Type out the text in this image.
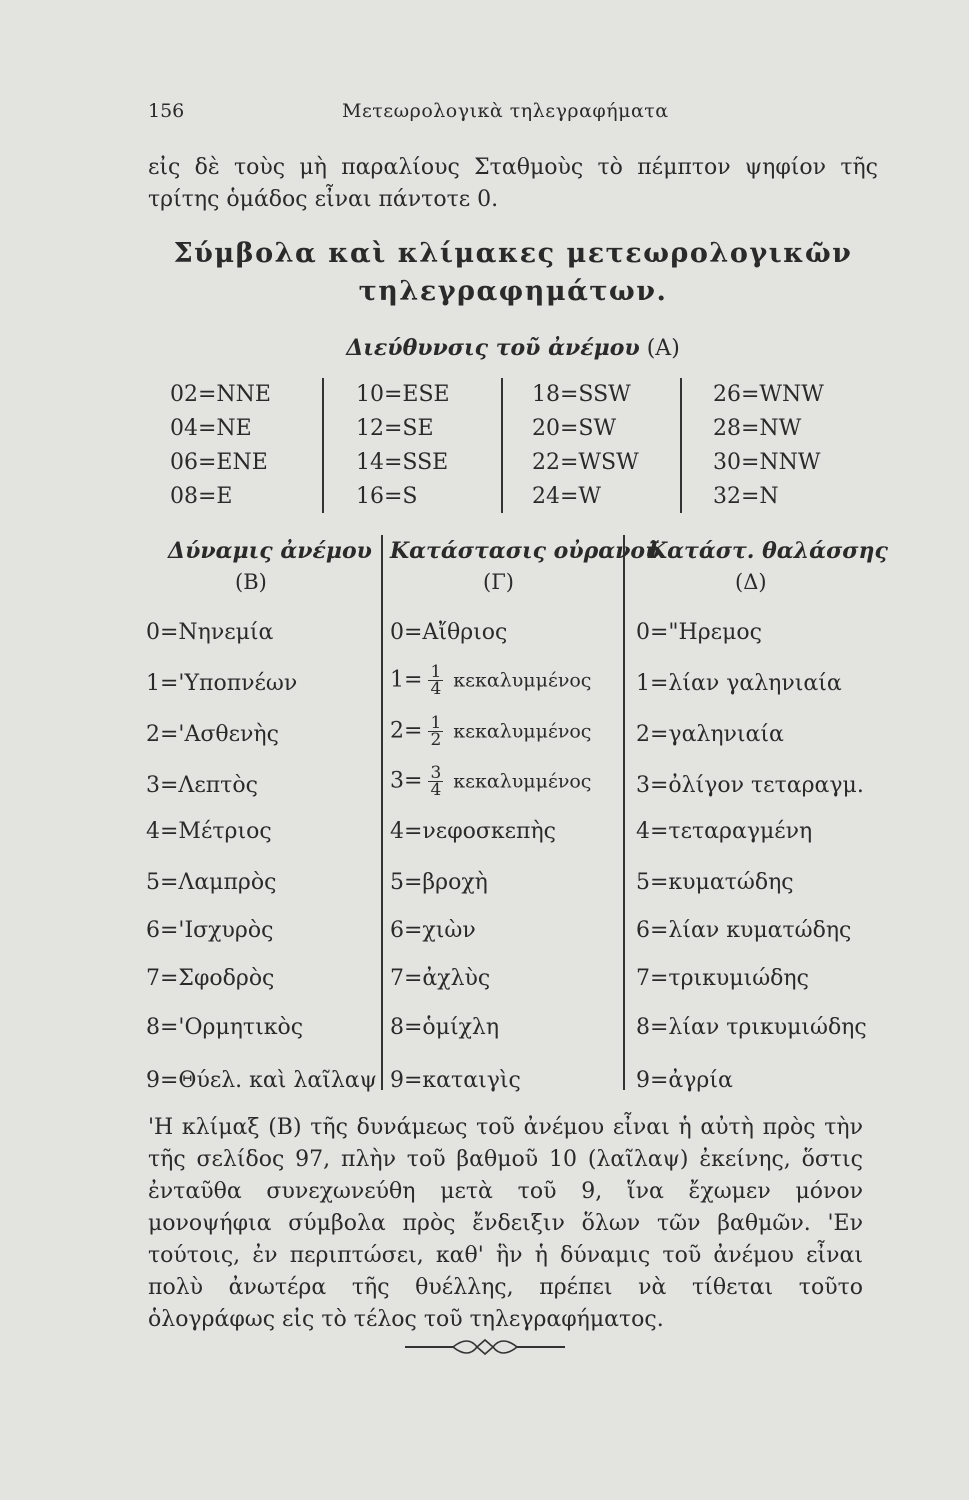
156	Μετεωρολογικὰ τηλεγραφήματα
εἰς δὲ τοὺς μὴ παραλίους Σταθμοὺς τὸ πέμπτον ψηφίον τῆς τρίτης ὁμάδος εἶναι πάντοτε 0.
Σύμβολα καὶ κλίμακες μετεωρολογικῶν
τηλεγραφημάτων.
Διεύθυνσις τοῦ ἀνέμου (Α)
02=NNE
04=NE
06=ENE
08=E
10=ESE
12=SE
14=SSE
16=S
18=SSW
20=SW
22=WSW
24=W
26=WNW
28=NW
30=NNW
32=N
Δύναμις ἀνέμου
(Β)
Κατάστασις οὐρανοῦ
(Γ)
Κατάστ. θαλάσσης
(Δ)
0=Νηνεμία
1='Υποπνέων
2='Ασθενὴς
3=Λεπτὸς
4=Μέτριος
5=Λαμπρὸς
6='Ισχυρὸς
7=Σφοδρὸς
8='Ορμητικὸς
9=Θύελ. καὶ λαῖλαψ
0=Αἴθριος
$1= \frac{1}{4}$ κεκαλυμμένος
$2= \frac{1}{2}$ κεκαλυμμένος
$3= \frac{3}{4}$ κεκαλυμμένος
4=νεφοσκεπὴς
5=βροχὴ
6=χιὼν
7=ἀχλὺς
8=ὁμίχλη
9=καταιγὶς
0="Ηρεμος
1=λίαν γαληνιαία
2=γαληνιαία
3=ὀλίγον τεταραγμ.
4=τεταραγμένη
5=κυματώδης
6=λίαν κυματώδης
7=τρικυμιώδης
8=λίαν τρικυμιώδης
9=ἀγρία
'Η κλίμαξ (Β) τῆς δυνάμεως τοῦ ἀνέμου εἶναι ἡ αὐτὴ πρὸς τὴν τῆς σελίδος 97, πλὴν τοῦ βαθμοῦ 10 (λαῖλαψ) ἐκείνης, ὅστις ἐνταῦθα συνεχωνεύθη μετὰ τοῦ 9, ἵνα ἔχωμεν μόνον μονοψήφια σύμβολα πρὸς ἔνδειξιν ὅλων τῶν βαθμῶν. 'Εν τούτοις, ἐν περιπτώσει, καθ' ἣν ἡ δύναμις τοῦ ἀνέμου εἶναι πολὺ ἀνωτέρα τῆς θυέλλης, πρέπει νὰ τίθεται τοῦτο ὁλογράφως εἰς τὸ τέλος τοῦ τηλεγραφήματος.
